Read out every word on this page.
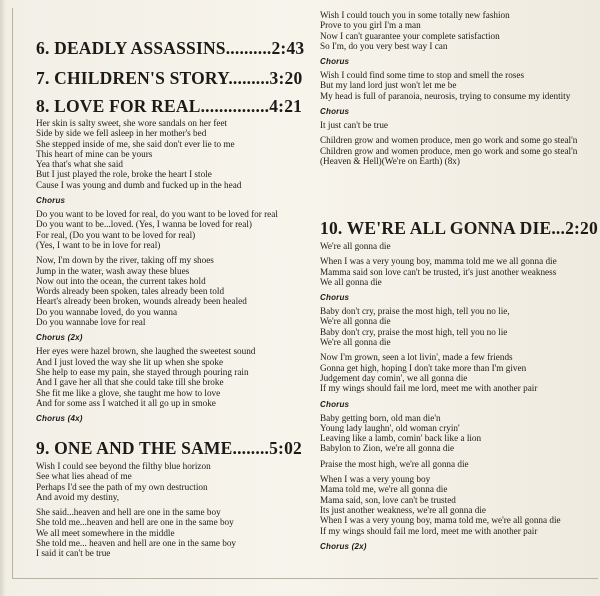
6. DEADLY ASSASSINS..........2:43
7. CHILDREN'S STORY.........3:20
8. LOVE FOR REAL...............4:21
Her skin is salty sweet, she wore sandals on her feet
Side by side we fell asleep in her mother's bed
She stepped inside of me, she said don't ever lie to me
This heart of mine can be yours
Yea that's what she said
But I just played the role, broke the heart I stole
Cause I was young and dumb and fucked up in the head
Chorus
Do you want to be loved for real, do you want to be loved for real
Do you want to be...loved. (Yes, I wanna be loved for real)
For real, (Do you want to be loved for real)
(Yes, I want to be in love for real)
Now, I'm down by the river, taking off my shoes
Jump in the water, wash away these blues
Now out into the ocean, the current takes hold
Words already been spoken, tales already been told
Heart's already been broken, wounds already been healed
Do you wannabe loved, do you wanna
Do you wannabe love for real
Chorus (2x)
Her eyes were hazel brown, she laughed the sweetest sound
And I just loved the way she lit up when she spoke
She help to ease my pain, she stayed through pouring rain
And I gave her all that she could take till she broke
She fit me like a glove, she taught me how to love
And for some ass I watched it all go up in smoke
Chorus (4x)
9. ONE AND THE SAME........5:02
Wish I could see beyond the filthy blue horizon
See what lies ahead of me
Perhaps I'd see the path of my own destruction
And avoid my destiny,
She said...heaven and hell are one in the same boy
She told me...heaven and hell are one in the same boy
We all meet somewhere in the middle
She told me... heaven and hell are one in the same boy
I said it can't be true
Wish I could touch you in some totally new fashion
Prove to you girl I'm a man
Now I can't guarantee your complete satisfaction
So I'm, do you very best way I can
Chorus
Wish I could find some time to stop and smell the roses
But my land lord just won't let me be
My head is full of paranoia, neurosis, trying to consume my identity
Chorus
It just can't be true
Children grow and women produce, men go work and some go steal'n
Children grow and women produce, men go work and some go steal'n
(Heaven & Hell)(We're on Earth) (8x)
10. WE'RE ALL GONNA DIE...2:20
We're all gonna die
When I was a very young boy, mamma told me we all gonna die
Mamma said son love can't be trusted, it's just another weakness
We all gonna die
Chorus
Baby don't cry, praise the most high, tell you no lie,
We're all gonna die
Baby don't cry, praise the most high, tell you no lie
We're all gonna die
Now I'm grown, seen a lot livin', made a few friends
Gonna get high, hoping I don't take more than I'm given
Judgement day comin', we all gonna die
If my wings should fail me lord, meet me with another pair
Chorus
Baby getting born, old man die'n
Young lady laughn', old woman cryin'
Leaving like a lamb, comin' back like a lion
Babylon to Zion, we're all gonna die
Praise the most high, we're all gonna die
When I was a very young boy
Mama told me, we're all gonna die
Mama said, son, love can't be trusted
Its just another weakness, we're all gonna die
When I was a very young boy, mama told me, we're all gonna die
If my wings should fail me lord, meet me with another pair
Chorus (2x)
